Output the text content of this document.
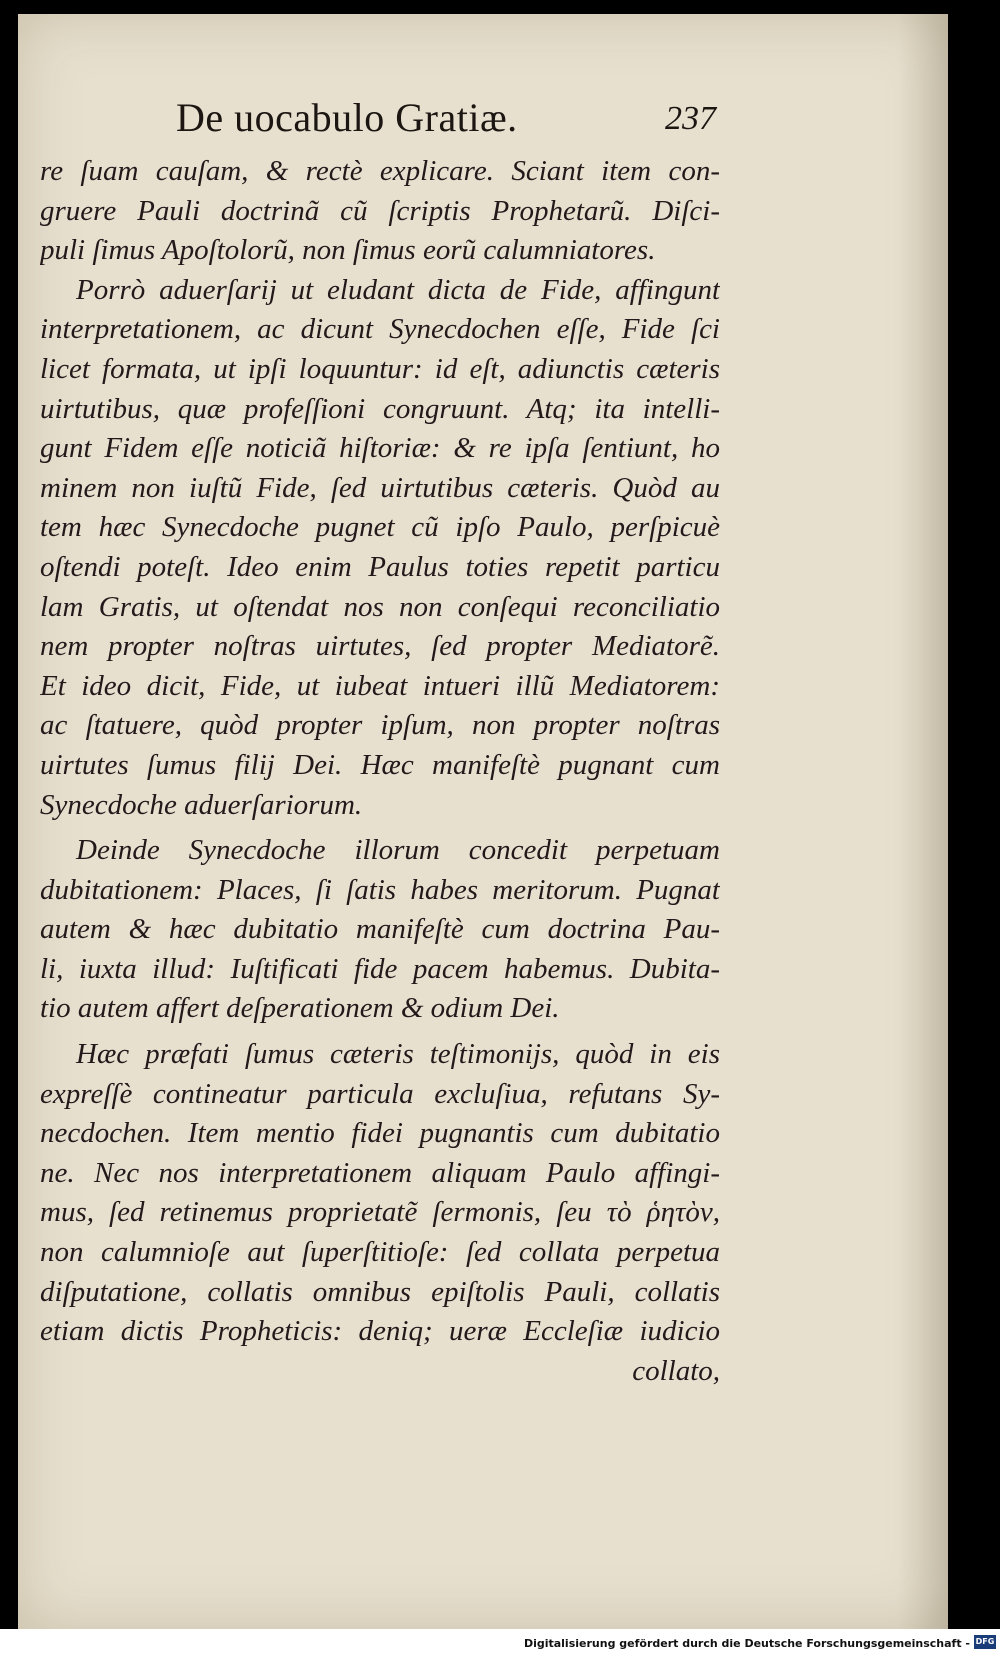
De uocabulo Gratiæ.	237
re ſuam cauſam, & rectè explicare. Sciant item con-
gruere Pauli doctrinã cũ ſcriptis Prophetarũ. Diſci-
puli ſimus Apoſtolorũ, non ſimus eorũ calumniatores.
Porrò aduerſarij ut eludant dicta de Fide, affingunt
interpretationem, ac dicunt Synecdochen eſſe, Fide ſci
licet formata, ut ipſi loquuntur: id eſt, adiunctis cæteris
uirtutibus, quæ profeſſioni congruunt. Atq; ita intelli-
gunt Fidem eſſe noticiã hiſtoriæ: & re ipſa ſentiunt, ho
minem non iuſtũ Fide, ſed uirtutibus cæteris. Quòd au
tem hæc Synecdoche pugnet cũ ipſo Paulo, perſpicuè
oſtendi poteſt. Ideo enim Paulus toties repetit particu
lam Gratis, ut oſtendat nos non conſequi reconciliatio
nem propter noſtras uirtutes, ſed propter Mediatorẽ.
Et ideo dicit, Fide, ut iubeat intueri illũ Mediatorem:
ac ſtatuere, quòd propter ipſum, non propter noſtras
uirtutes ſumus filij Dei. Hæc manifeſtè pugnant cum
Synecdoche aduerſariorum.
Deinde Synecdoche illorum concedit perpetuam
dubitationem: Places, ſi ſatis habes meritorum. Pugnat
autem & hæc dubitatio manifeſtè cum doctrina Pau-
li, iuxta illud: Iuſtificati fide pacem habemus. Dubita-
tio autem affert deſperationem & odium Dei.
Hæc præfati ſumus cæteris teſtimonijs, quòd in eis
expreſſè contineatur particula excluſiua, refutans Sy-
necdochen. Item mentio fidei pugnantis cum dubitatio
ne. Nec nos interpretationem aliquam Paulo affingi-
mus, ſed retinemus proprietatẽ ſermonis, ſeu τὸ ῥητὸν,
non calumnioſe aut ſuperſtitioſe: ſed collata perpetua
diſputatione, collatis omnibus epiſtolis Pauli, collatis
etiam dictis Propheticis: deniq; ueræ Eccleſiæ iudicio
collato,
Digitalisierung gefördert durch die Deutsche Forschungsgemeinschaft - DFG
